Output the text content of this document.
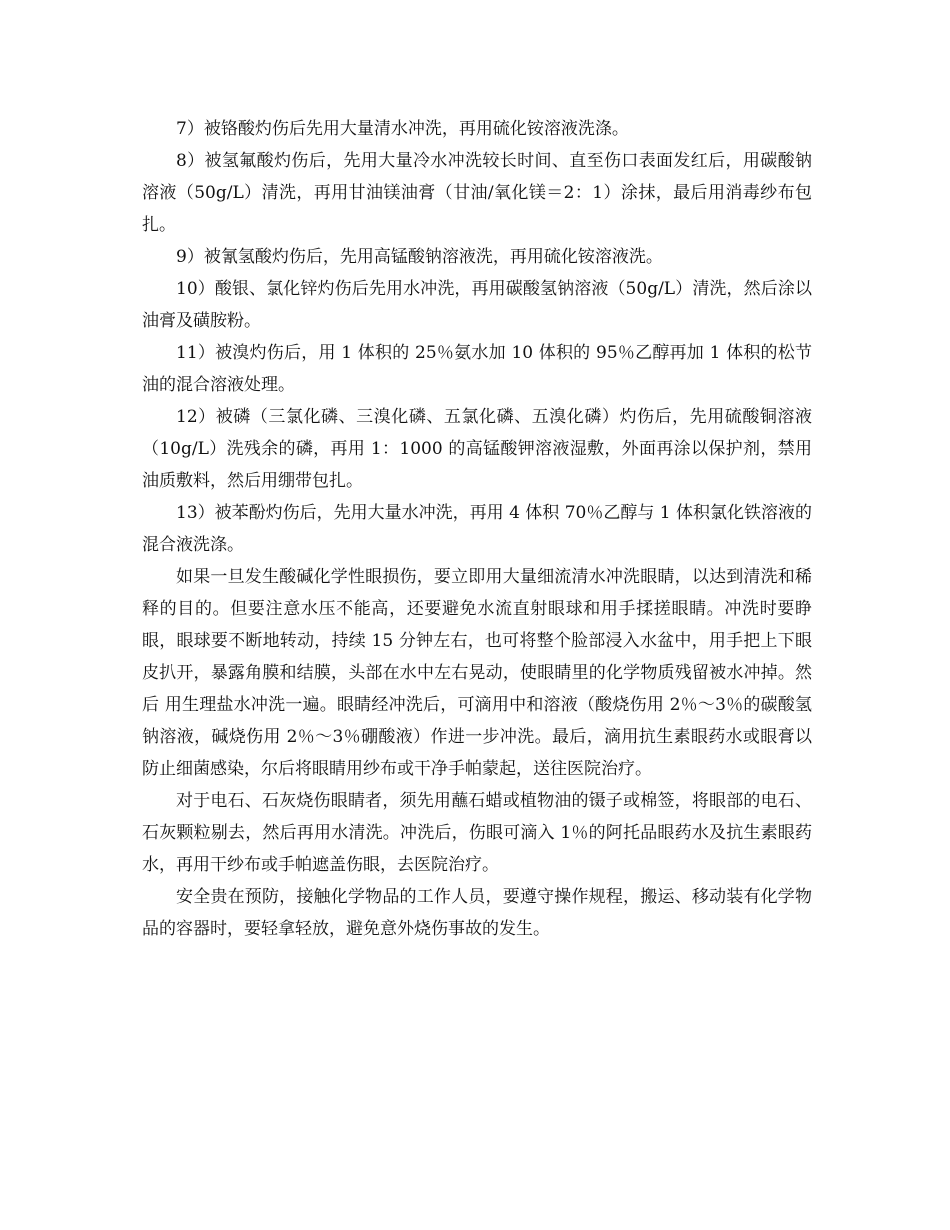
7）被铬酸灼伤后先用大量清水冲洗，再用硫化铵溶液洗涤。

8）被氢氟酸灼伤后，先用大量冷水冲洗较长时间、直至伤口表面发红后，用碳酸钠溶液（50g/L）清洗，再用甘油镁油膏（甘油/氧化镁＝2：1）涂抹，最后用消毒纱布包扎。

9）被氰氢酸灼伤后，先用高锰酸钠溶液洗，再用硫化铵溶液洗。

10）酸银、氯化锌灼伤后先用水冲洗，再用碳酸氢钠溶液（50g/L）清洗，然后涂以油膏及磺胺粉。

11）被溴灼伤后，用 1 体积的 25％氨水加 10 体积的 95％乙醇再加 1 体积的松节油的混合溶液处理。

12）被磷（三氯化磷、三溴化磷、五氯化磷、五溴化磷）灼伤后，先用硫酸铜溶液（10g/L）洗残余的磷，再用 1：1000 的高锰酸钾溶液湿敷，外面再涂以保护剂，禁用油质敷料，然后用绷带包扎。

13）被苯酚灼伤后，先用大量水冲洗，再用 4 体积 70％乙醇与 1 体积氯化铁溶液的混合液洗涤。

如果一旦发生酸碱化学性眼损伤，要立即用大量细流清水冲洗眼睛，以达到清洗和稀释的目的。但要注意水压不能高，还要避免水流直射眼球和用手揉搓眼睛。冲洗时要睁眼，眼球要不断地转动，持续 15 分钟左右，也可将整个脸部浸入水盆中，用手把上下眼皮扒开，暴露角膜和结膜，头部在水中左右晃动，使眼睛里的化学物质残留被水冲掉。然后 用生理盐水冲洗一遍。眼睛经冲洗后，可滴用中和溶液（酸烧伤用 2％～3％的碳酸氢钠溶液，碱烧伤用 2％～3％硼酸液）作进一步冲洗。最后，滴用抗生素眼药水或眼膏以防止细菌感染，尔后将眼睛用纱布或干净手帕蒙起，送往医院治疗。

对于电石、石灰烧伤眼睛者，须先用蘸石蜡或植物油的镊子或棉签，将眼部的电石、石灰颗粒剔去，然后再用水清洗。冲洗后，伤眼可滴入 1％的阿托品眼药水及抗生素眼药水，再用干纱布或手帕遮盖伤眼，去医院治疗。

安全贵在预防，接触化学物品的工作人员，要遵守操作规程，搬运、移动装有化学物品的容器时，要轻拿轻放，避免意外烧伤事故的发生。
